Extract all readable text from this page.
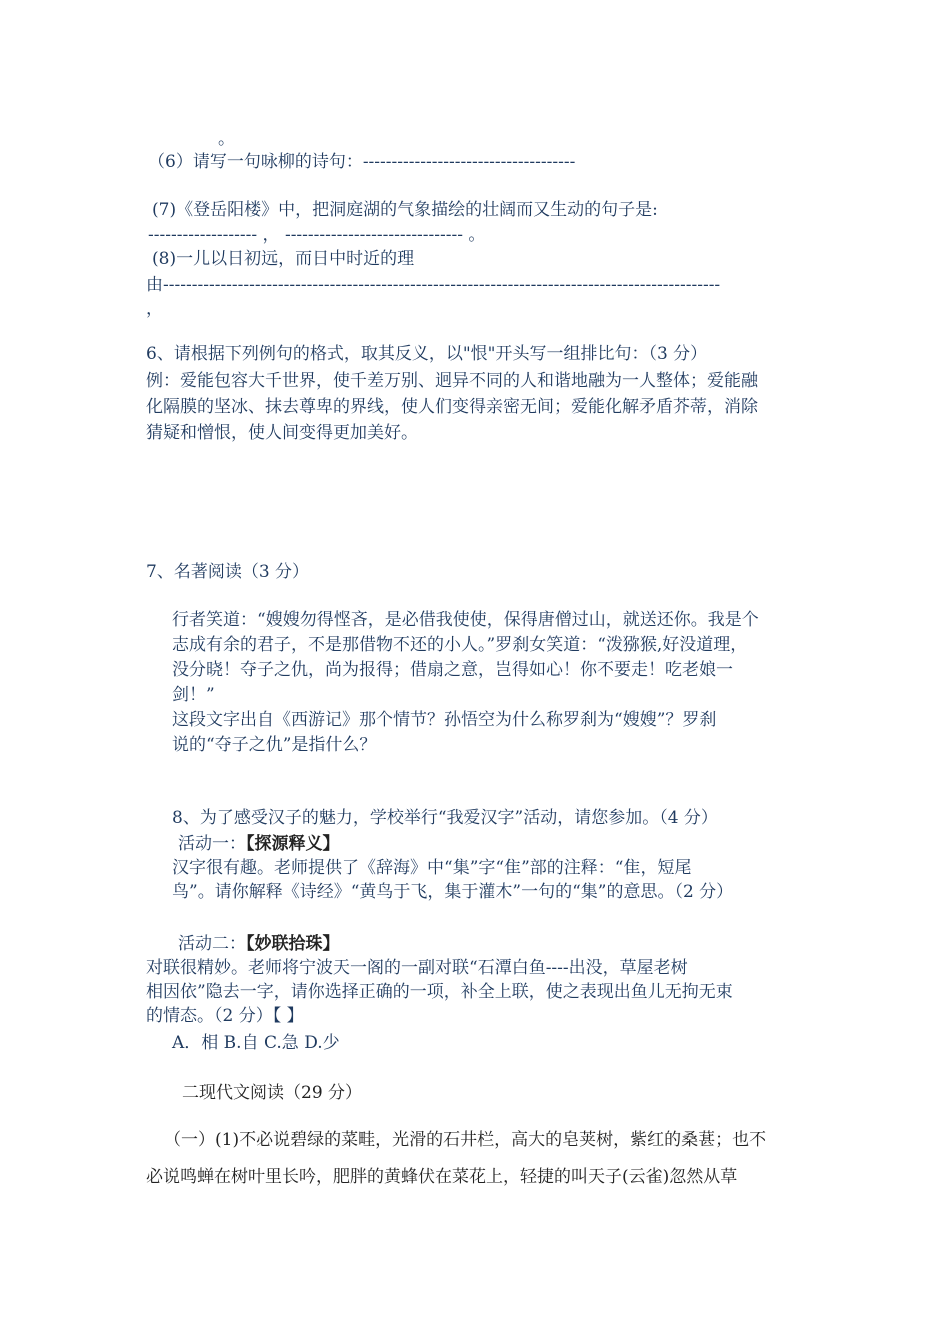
。
（6）请写一句咏柳的诗句：-------------------------------------
(7)《登岳阳楼》中，把洞庭湖的气象描绘的壮阔而又生动的句子是:
------------------- ， ------------------------------- 。
(8)一儿以日初远，而日中时近的理
由-------------------------------------------------------------------------------------------------
，
6、请根据下列例句的格式，取其反义，以"恨"开头写一组排比句：（3 分）
例：爱能包容大千世界，使千差万别、迥异不同的人和谐地融为一人整体；爱能融
化隔膜的坚冰、抹去尊卑的界线，使人们变得亲密无间；爱能化解矛盾芥蒂，消除
猜疑和憎恨，使人间变得更加美好。
7、名著阅读（3 分）
行者笑道：“嫂嫂勿得悭吝，是必借我使使，保得唐僧过山，就送还你。我是个
志成有余的君子，不是那借物不还的小人。”罗刹女笑道：“泼猕猴,好没道理，
没分晓！夺子之仇，尚为报得；借扇之意，岂得如心！你不要走！吃老娘一
剑！”
这段文字出自《西游记》那个情节？孙悟空为什么称罗刹为“嫂嫂”？罗刹
说的“夺子之仇”是指什么？
8、为了感受汉子的魅力，学校举行“我爱汉字”活动，请您参加。（4 分）
活动一：【探源释义】
汉字很有趣。老师提供了《辞海》中“集”字“隹”部的注释：“隹，短尾
鸟”。请你解释《诗经》“黄鸟于飞，集于灌木”一句的“集”的意思。（2 分）
活动二：【妙联拾珠】
对联很精妙。老师将宁波天一阁的一副对联“石潭白鱼----出没，草屋老树
相因依”隐去一字，请你选择正确的一项，补全上联，使之表现出鱼儿无拘无束
的情态。（2 分）【 】
A．相 B.自 C.急 D.少
二现代文阅读（29 分）
（一）(1)不必说碧绿的菜畦，光滑的石井栏，高大的皂荚树，紫红的桑葚；也不
必说鸣蝉在树叶里长吟，肥胖的黄蜂伏在菜花上，轻捷的叫天子(云雀)忽然从草
